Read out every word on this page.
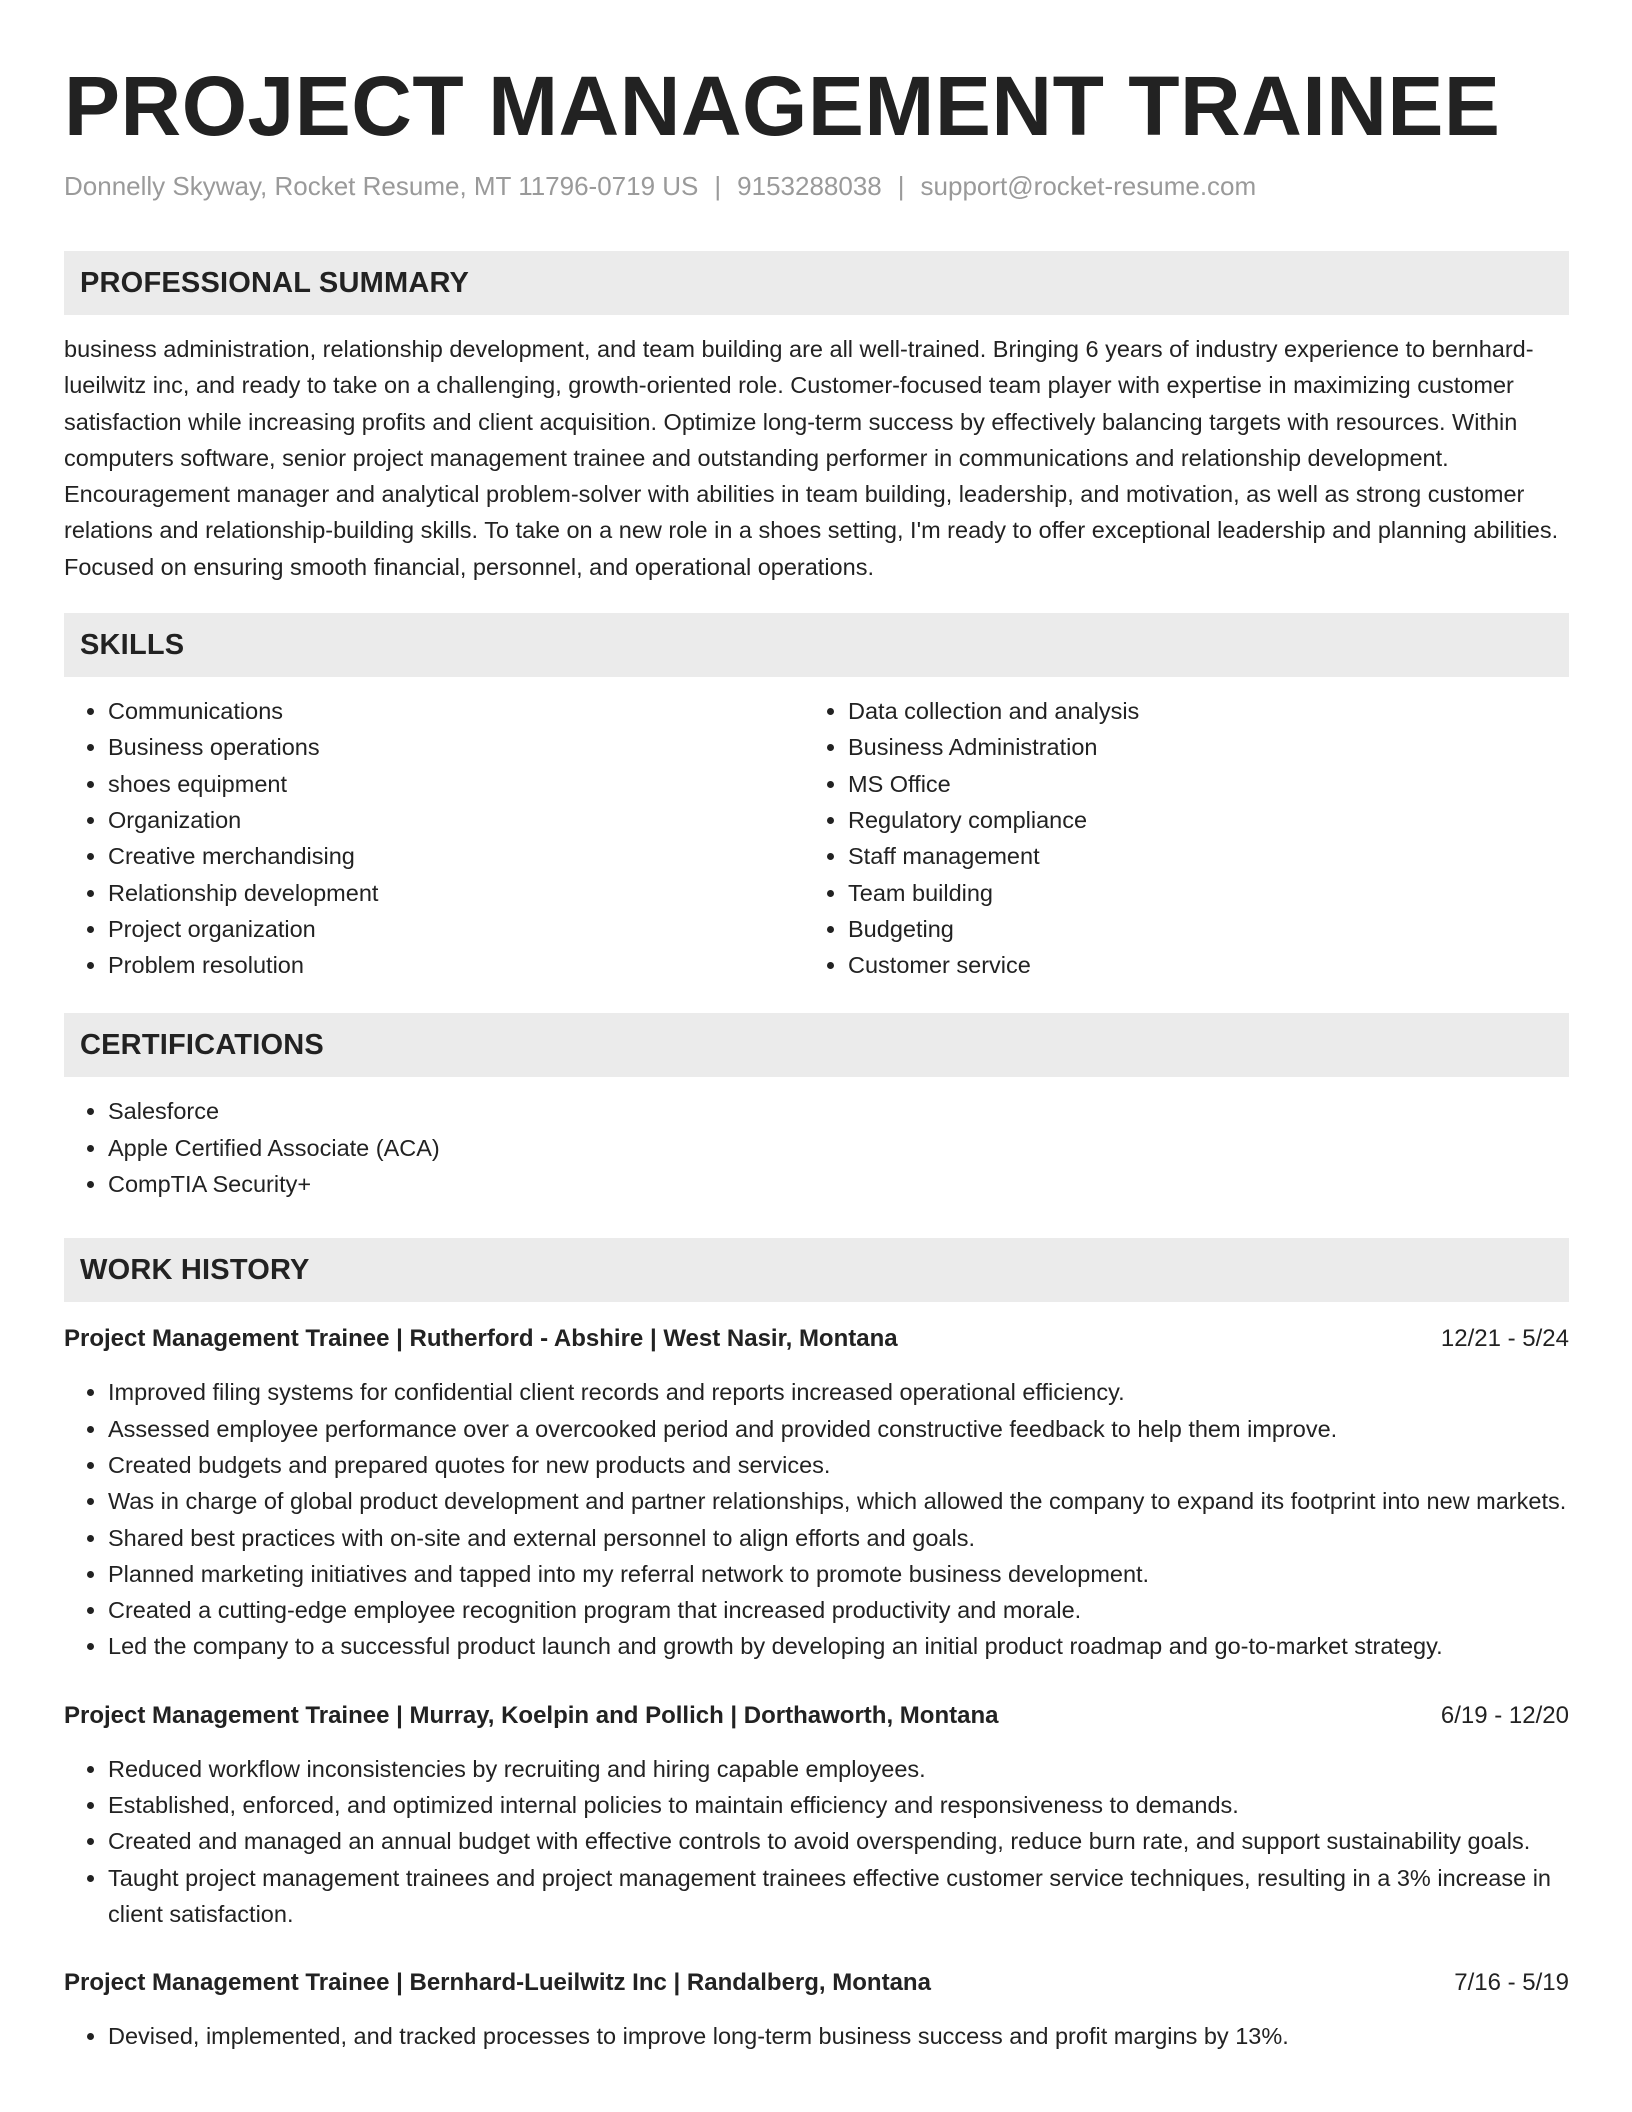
PROJECT MANAGEMENT TRAINEE
Donnelly Skyway, Rocket Resume, MT 11796-0719 US | 9153288038 | support@rocket-resume.com
PROFESSIONAL SUMMARY
business administration, relationship development, and team building are all well-trained. Bringing 6 years of industry experience to bernhard-lueilwitz inc, and ready to take on a challenging, growth-oriented role. Customer-focused team player with expertise in maximizing customer satisfaction while increasing profits and client acquisition. Optimize long-term success by effectively balancing targets with resources. Within computers software, senior project management trainee and outstanding performer in communications and relationship development. Encouragement manager and analytical problem-solver with abilities in team building, leadership, and motivation, as well as strong customer relations and relationship-building skills. To take on a new role in a shoes setting, I'm ready to offer exceptional leadership and planning abilities. Focused on ensuring smooth financial, personnel, and operational operations.
SKILLS
• Communications
• Business operations
• shoes equipment
• Organization
• Creative merchandising
• Relationship development
• Project organization
• Problem resolution
• Data collection and analysis
• Business Administration
• MS Office
• Regulatory compliance
• Staff management
• Team building
• Budgeting
• Customer service
CERTIFICATIONS
• Salesforce
• Apple Certified Associate (ACA)
• CompTIA Security+
WORK HISTORY
Project Management Trainee | Rutherford - Abshire | West Nasir, Montana	12/21 - 5/24
• Improved filing systems for confidential client records and reports increased operational efficiency.
• Assessed employee performance over a overcooked period and provided constructive feedback to help them improve.
• Created budgets and prepared quotes for new products and services.
• Was in charge of global product development and partner relationships, which allowed the company to expand its footprint into new markets.
• Shared best practices with on-site and external personnel to align efforts and goals.
• Planned marketing initiatives and tapped into my referral network to promote business development.
• Created a cutting-edge employee recognition program that increased productivity and morale.
• Led the company to a successful product launch and growth by developing an initial product roadmap and go-to-market strategy.
Project Management Trainee | Murray, Koelpin and Pollich | Dorthaworth, Montana	6/19 - 12/20
• Reduced workflow inconsistencies by recruiting and hiring capable employees.
• Established, enforced, and optimized internal policies to maintain efficiency and responsiveness to demands.
• Created and managed an annual budget with effective controls to avoid overspending, reduce burn rate, and support sustainability goals.
• Taught project management trainees and project management trainees effective customer service techniques, resulting in a 3% increase in client satisfaction.
Project Management Trainee | Bernhard-Lueilwitz Inc | Randalberg, Montana	7/16 - 5/19
• Devised, implemented, and tracked processes to improve long-term business success and profit margins by 13%.
